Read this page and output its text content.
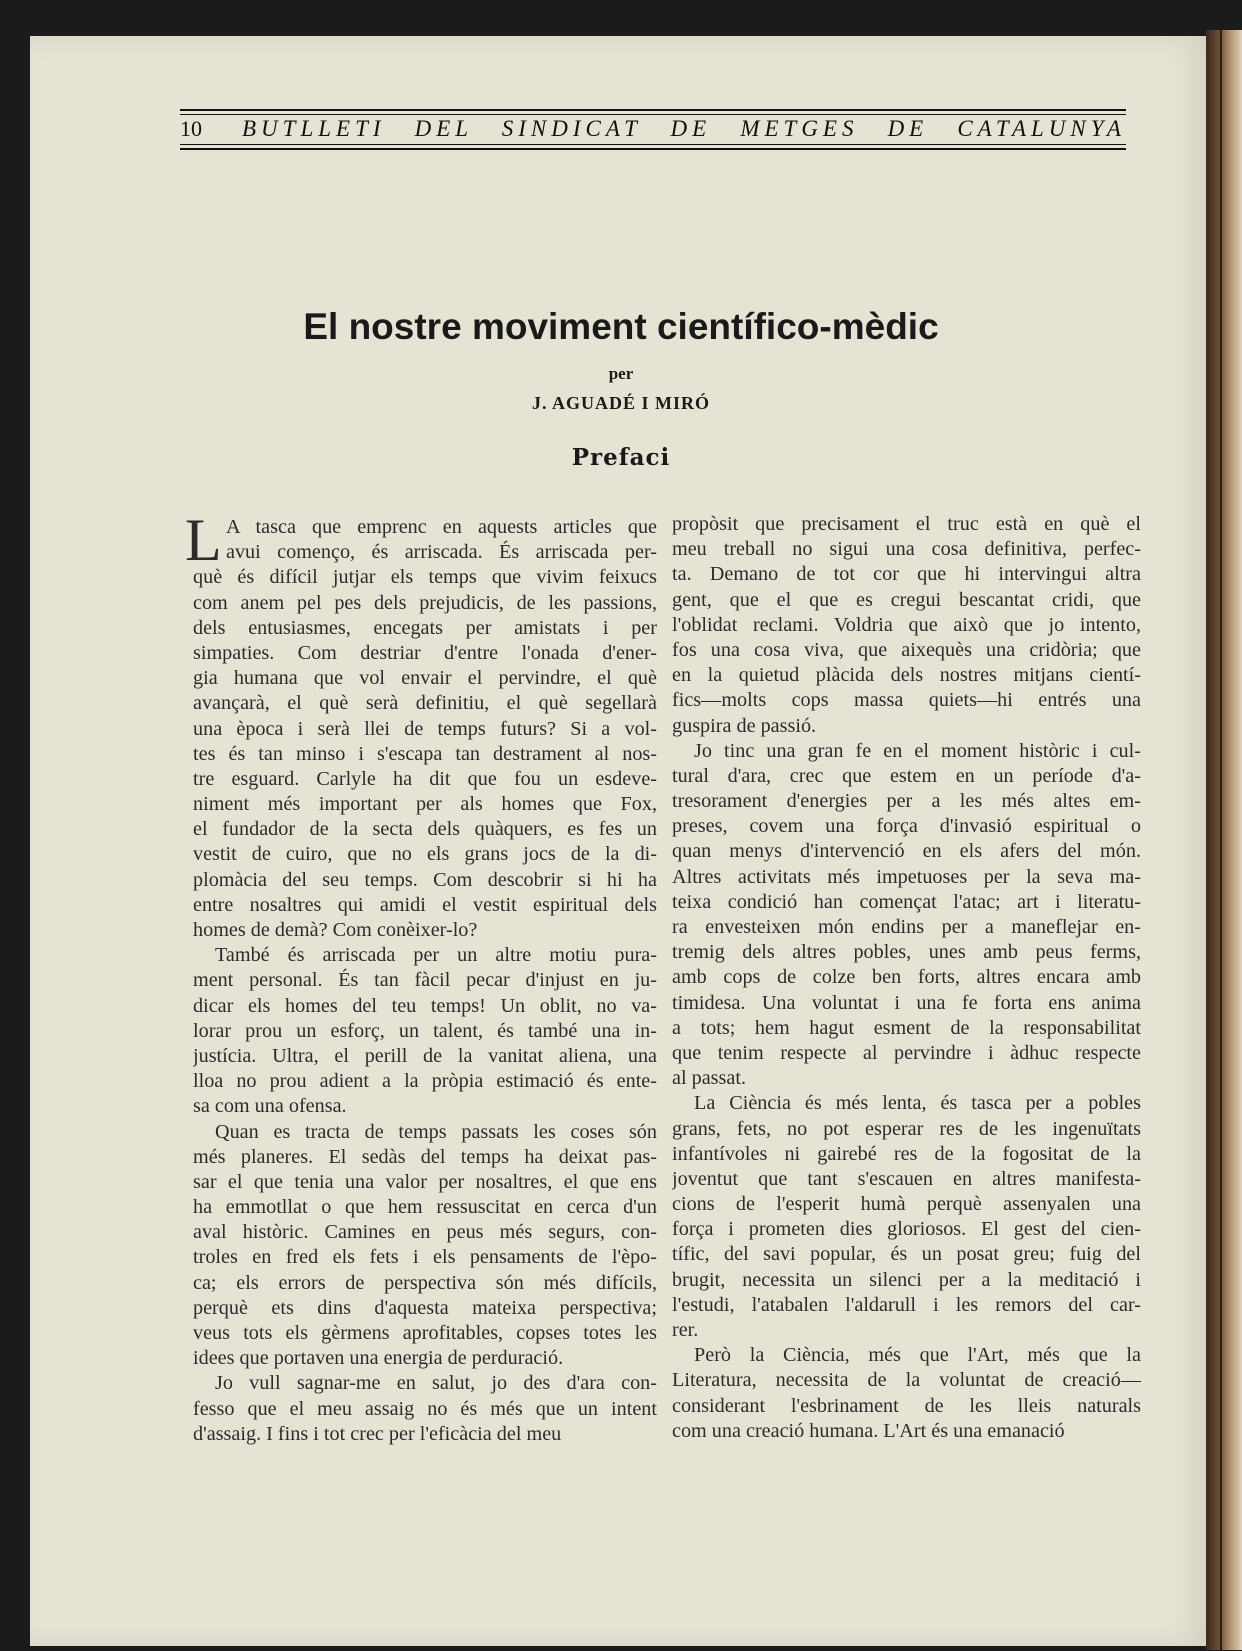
10 BUTLLETI DEL SINDICAT DE METGES DE CATALUNYA
El nostre moviment científico-mèdic
per
J. AGUADÉ I MIRÓ
Prefaci
L A tasca que emprenc en aquests articles que
avui començo, és arriscada. És arriscada per-
què és difícil jutjar els temps que vivim feixucs
com anem pel pes dels prejudicis, de les passions,
dels entusiasmes, encegats per amistats i per
simpaties. Com destriar d'entre l'onada d'ener-
gia humana que vol envair el pervindre, el què
avançarà, el què serà definitiu, el què segellarà
una època i serà llei de temps futurs? Si a vol-
tes és tan minso i s'escapa tan destrament al nos-
tre esguard. Carlyle ha dit que fou un esdeve-
niment més important per als homes que Fox,
el fundador de la secta dels quàquers, es fes un
vestit de cuiro, que no els grans jocs de la di-
plomàcia del seu temps. Com descobrir si hi ha
entre nosaltres qui amidi el vestit espiritual dels
homes de demà? Com conèixer-lo?
També és arriscada per un altre motiu pura-
ment personal. És tan fàcil pecar d'injust en ju-
dicar els homes del teu temps! Un oblit, no va-
lorar prou un esforç, un talent, és també una in-
justícia. Ultra, el perill de la vanitat aliena, una
lloa no prou adient a la pròpia estimació és ente-
sa com una ofensa.
Quan es tracta de temps passats les coses són
més planeres. El sedàs del temps ha deixat pas-
sar el que tenia una valor per nosaltres, el que ens
ha emmotllat o que hem ressuscitat en cerca d'un
aval històric. Camines en peus més segurs, con-
troles en fred els fets i els pensaments de l'èpo-
ca; els errors de perspectiva són més difícils,
perquè ets dins d'aquesta mateixa perspectiva;
veus tots els gèrmens aprofitables, copses totes les
idees que portaven una energia de perduració.
Jo vull sagnar-me en salut, jo des d'ara con-
fesso que el meu assaig no és més que un intent
d'assaig. I fins i tot crec per l'eficàcia del meu
propòsit que precisament el truc està en què el
meu treball no sigui una cosa definitiva, perfec-
ta. Demano de tot cor que hi intervingui altra
gent, que el que es cregui bescantat cridi, que
l'oblidat reclami. Voldria que això que jo intento,
fos una cosa viva, que aixequès una cridòria; que
en la quietud plàcida dels nostres mitjans cientí-
fics—molts cops massa quiets—hi entrés una
guspira de passió.
Jo tinc una gran fe en el moment històric i cul-
tural d'ara, crec que estem en un període d'a-
tresorament d'energies per a les més altes em-
preses, covem una força d'invasió espiritual o
quan menys d'intervenció en els afers del món.
Altres activitats més impetuoses per la seva ma-
teixa condició han començat l'atac; art i literatu-
ra envesteixen món endins per a maneflejar en-
tremig dels altres pobles, unes amb peus ferms,
amb cops de colze ben forts, altres encara amb
timidesa. Una voluntat i una fe forta ens anima
a tots; hem hagut esment de la responsabilitat
que tenim respecte al pervindre i àdhuc respecte
al passat.
La Ciència és més lenta, és tasca per a pobles
grans, fets, no pot esperar res de les ingenuïtats
infantívoles ni gairebé res de la fogositat de la
joventut que tant s'escauen en altres manifesta-
cions de l'esperit humà perquè assenyalen una
força i prometen dies gloriosos. El gest del cien-
tífic, del savi popular, és un posat greu; fuig del
brugit, necessita un silenci per a la meditació i
l'estudi, l'atabalen l'aldarull i les remors del car-
rer.
Però la Ciència, més que l'Art, més que la
Literatura, necessita de la voluntat de creació—
considerant l'esbrinament de les lleis naturals
com una creació humana. L'Art és una emanació
